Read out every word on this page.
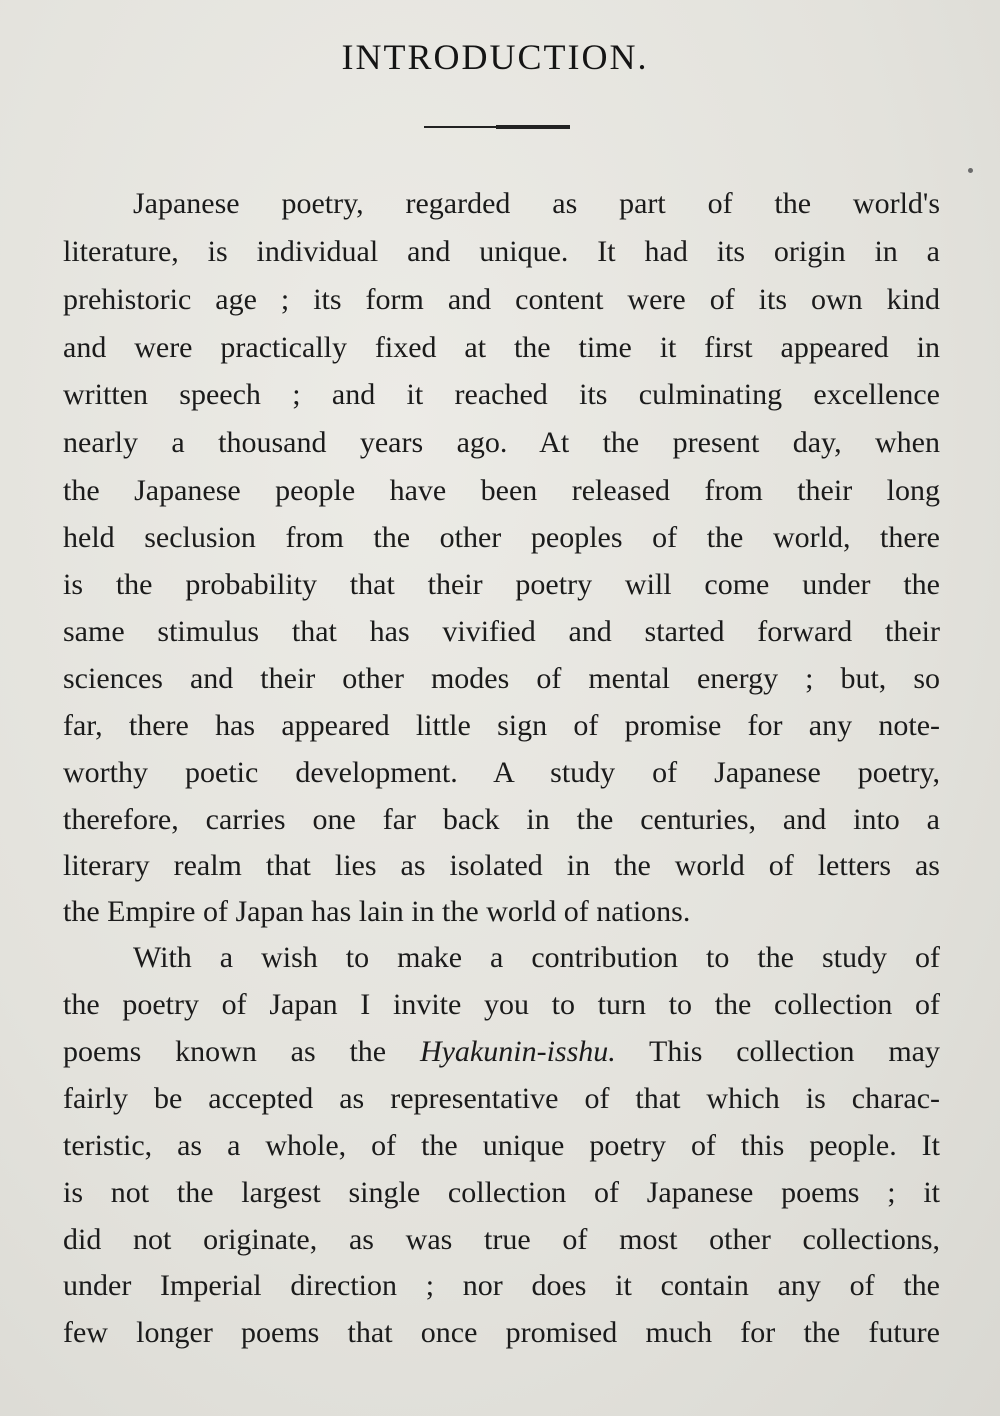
INTRODUCTION.
Japanese poetry, regarded as part of the world's
literature, is individual and unique. It had its origin in a
prehistoric age ; its form and content were of its own kind
and were practically fixed at the time it first appeared in
written speech ; and it reached its culminating excellence
nearly a thousand years ago. At the present day, when
the Japanese people have been released from their long
held seclusion from the other peoples of the world, there
is the probability that their poetry will come under the
same stimulus that has vivified and started forward their
sciences and their other modes of mental energy ; but, so
far, there has appeared little sign of promise for any note-
worthy poetic development. A study of Japanese poetry,
therefore, carries one far back in the centuries, and into a
literary realm that lies as isolated in the world of letters as
the Empire of Japan has lain in the world of nations.
With a wish to make a contribution to the study of
the poetry of Japan I invite you to turn to the collection of
poems known as the Hyakunin-isshu. This collection may
fairly be accepted as representative of that which is charac-
teristic, as a whole, of the unique poetry of this people. It
is not the largest single collection of Japanese poems ; it
did not originate, as was true of most other collections,
under Imperial direction ; nor does it contain any of the
few longer poems that once promised much for the future
